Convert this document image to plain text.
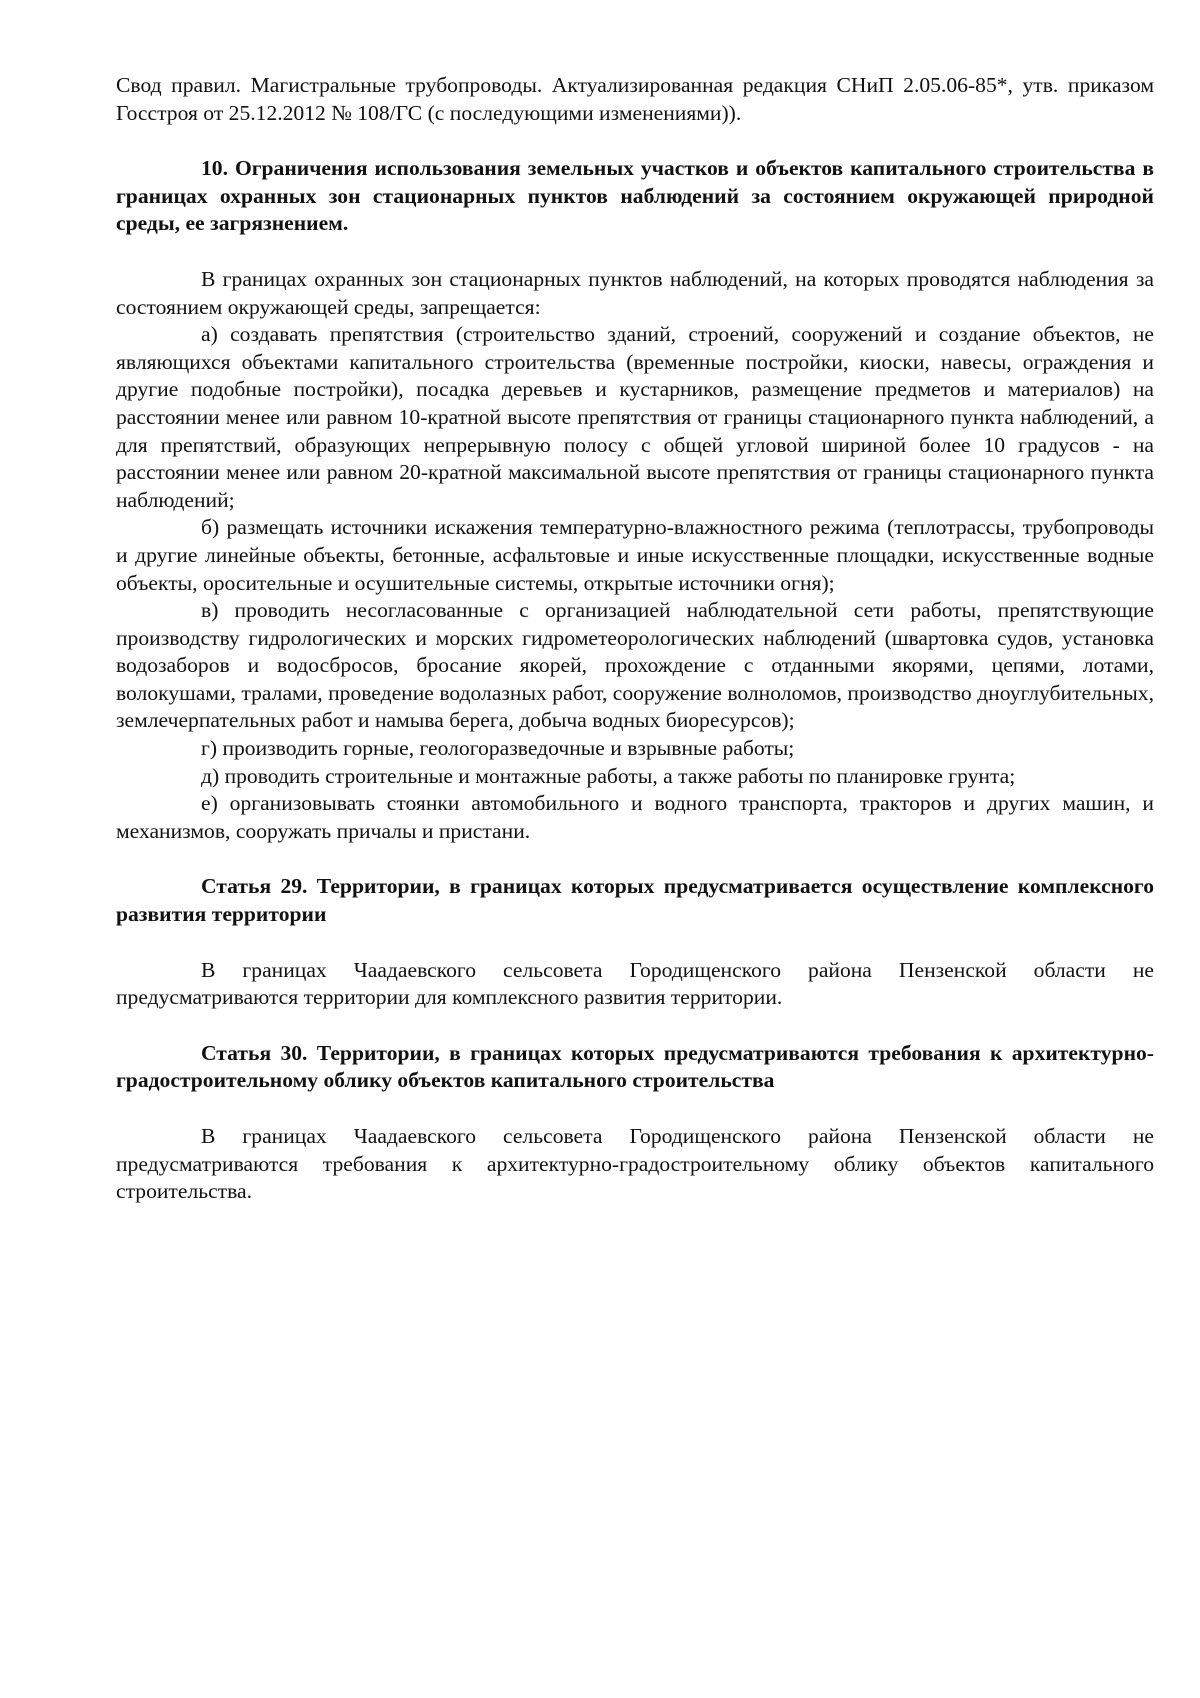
Свод правил. Магистральные трубопроводы. Актуализированная редакция СНиП 2.05.06-85*, утв. приказом Госстроя от 25.12.2012 № 108/ГС (с последующими изменениями)).

10. Ограничения использования земельных участков и объектов капитального строительства в границах охранных зон стационарных пунктов наблюдений за состоянием окружающей природной среды, ее загрязнением.

В границах охранных зон стационарных пунктов наблюдений, на которых проводятся наблюдения за состоянием окружающей среды, запрещается:

а) создавать препятствия (строительство зданий, строений, сооружений и создание объектов, не являющихся объектами капитального строительства (временные постройки, киоски, навесы, ограждения и другие подобные постройки), посадка деревьев и кустарников, размещение предметов и материалов) на расстоянии менее или равном 10-кратной высоте препятствия от границы стационарного пункта наблюдений, а для препятствий, образующих непрерывную полосу с общей угловой шириной более 10 градусов - на расстоянии менее или равном 20-кратной максимальной высоте препятствия от границы стационарного пункта наблюдений;

б) размещать источники искажения температурно-влажностного режима (теплотрассы, трубопроводы и другие линейные объекты, бетонные, асфальтовые и иные искусственные площадки, искусственные водные объекты, оросительные и осушительные системы, открытые источники огня);

в) проводить несогласованные с организацией наблюдательной сети работы, препятствующие производству гидрологических и морских гидрометеорологических наблюдений (швартовка судов, установка водозаборов и водосбросов, бросание якорей, прохождение с отданными якорями, цепями, лотами, волокушами, тралами, проведение водолазных работ, сооружение волноломов, производство дноуглубительных, землечерпательных работ и намыва берега, добыча водных биоресурсов);

г) производить горные, геологоразведочные и взрывные работы;

д) проводить строительные и монтажные работы, а также работы по планировке грунта;

е) организовывать стоянки автомобильного и водного транспорта, тракторов и других машин, и механизмов, сооружать причалы и пристани.

Статья 29. Территории, в границах которых предусматривается осуществление комплексного развития территории

В границах Чаадаевского сельсовета Городищенского района Пензенской области не предусматриваются территории для комплексного развития территории.

Статья 30. Территории, в границах которых предусматриваются требования к архитектурно-градостроительному облику объектов капитального строительства

В границах Чаадаевского сельсовета Городищенского района Пензенской области не предусматриваются требования к архитектурно-градостроительному облику объектов капитального строительства.
